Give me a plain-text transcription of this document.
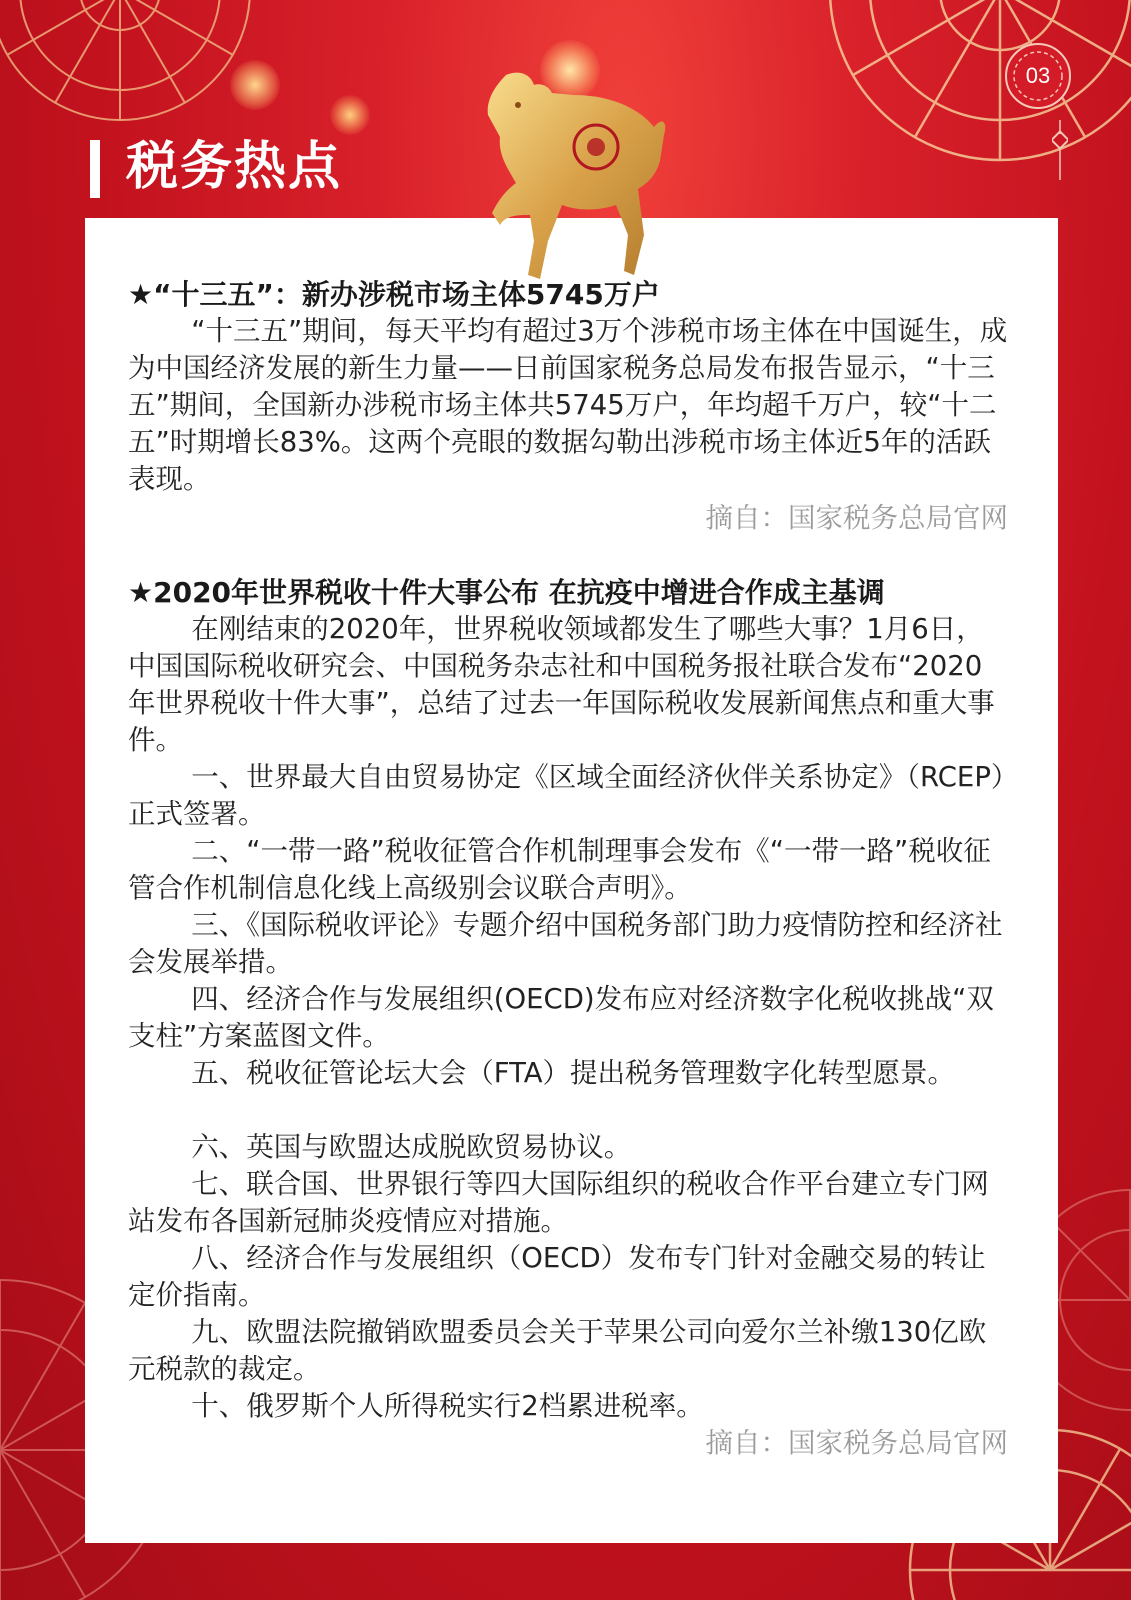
03
税务热点
★“十三五”：新办涉税市场主体5745万户
“十三五”期间，每天平均有超过3万个涉税市场主体在中国诞生，成为中国经济发展的新生力量——日前国家税务总局发布报告显示，“十三五”期间，全国新办涉税市场主体共5745万户，年均超千万户，较“十二五”时期增长83%。这两个亮眼的数据勾勒出涉税市场主体近5年的活跃表现。
摘自：国家税务总局官网
★2020年世界税收十件大事公布 在抗疫中增进合作成主基调
在刚结束的2020年，世界税收领域都发生了哪些大事？1月6日，中国国际税收研究会、中国税务杂志社和中国税务报社联合发布“2020年世界税收十件大事”，总结了过去一年国际税收发展新闻焦点和重大事件。
一、世界最大自由贸易协定《区域全面经济伙伴关系协定》（RCEP）正式签署。
二、“一带一路”税收征管合作机制理事会发布《“一带一路”税收征管合作机制信息化线上高级别会议联合声明》。
三、《国际税收评论》专题介绍中国税务部门助力疫情防控和经济社会发展举措。
四、经济合作与发展组织(OECD)发布应对经济数字化税收挑战“双支柱”方案蓝图文件。
五、税收征管论坛大会（FTA）提出税务管理数字化转型愿景。
六、英国与欧盟达成脱欧贸易协议。
七、联合国、世界银行等四大国际组织的税收合作平台建立专门网站发布各国新冠肺炎疫情应对措施。
八、经济合作与发展组织（OECD）发布专门针对金融交易的转让定价指南。
九、欧盟法院撤销欧盟委员会关于苹果公司向爱尔兰补缴130亿欧元税款的裁定。
十、俄罗斯个人所得税实行2档累进税率。
摘自：国家税务总局官网
